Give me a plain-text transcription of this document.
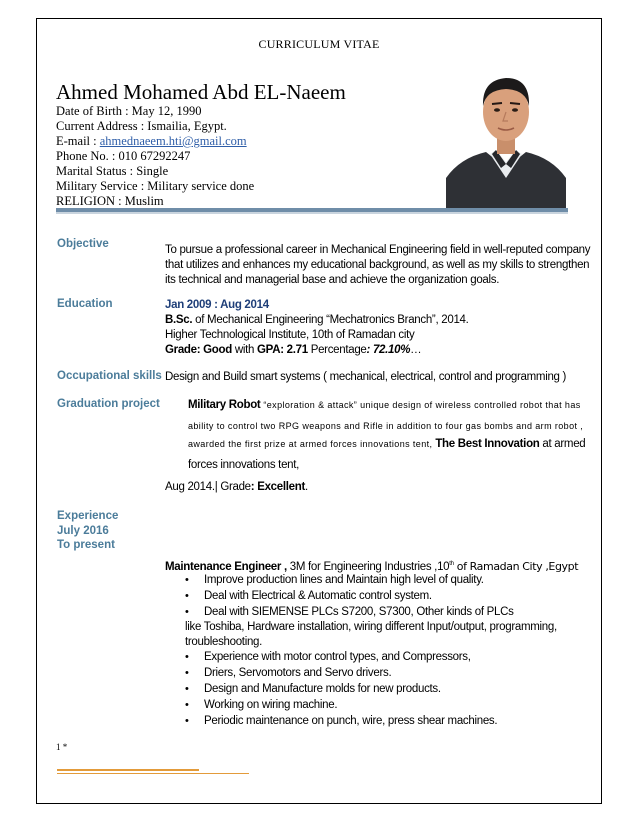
CURRICULUM VITAE
Ahmed Mohamed Abd EL-Naeem
Date of Birth : May 12, 1990
Current Address : Ismailia, Egypt.
E-mail : ahmednaeem.hti@gmail.com
Phone No. : 010 67292247
Marital Status : Single
Military Service : Military service done
RELIGION : Muslim
Objective	To pursue a professional career in Mechanical Engineering field in well-reputed company
that utilizes and enhances my educational background, as well as my skills to strengthen
its technical and managerial base and achieve the organization goals.
Education	Jan 2009 : Aug 2014
B.Sc. of Mechanical Engineering “Mechatronics Branch”, 2014.
Higher Technological Institute, 10th of Ramadan city
Grade: Good with GPA: 2.71 Percentage: 72.10%…
Occupational skills Design and Build smart systems ( mechanical, electrical, control and programming )
Graduation project Military Robot “exploration & attack” unique design of wireless controlled robot that has
ability to control two RPG weapons and Rifle in addition to four gas bombs and arm robot ,
awarded the first prize at armed forces innovations tent, The Best Innovation at armed
forces innovations tent,
Aug 2014.| Grade: Excellent.
Experience
July 2016
To present
Maintenance Engineer , 3M for Engineering Industries ,10th of Ramadan City ,Egypt
• Improve production lines and Maintain high level of quality.
• Deal with Electrical & Automatic control system.
• Deal with SIEMENSE PLCs S7200, S7300, Other kinds of PLCs
like Toshiba, Hardware installation, wiring different Input/output, programming,
troubleshooting.
• Experience with motor control types, and Compressors,
• Driers, Servomotors and Servo drivers.
• Design and Manufacture molds for new products.
• Working on wiring machine.
• Periodic maintenance on punch, wire, press shear machines.
1 *
